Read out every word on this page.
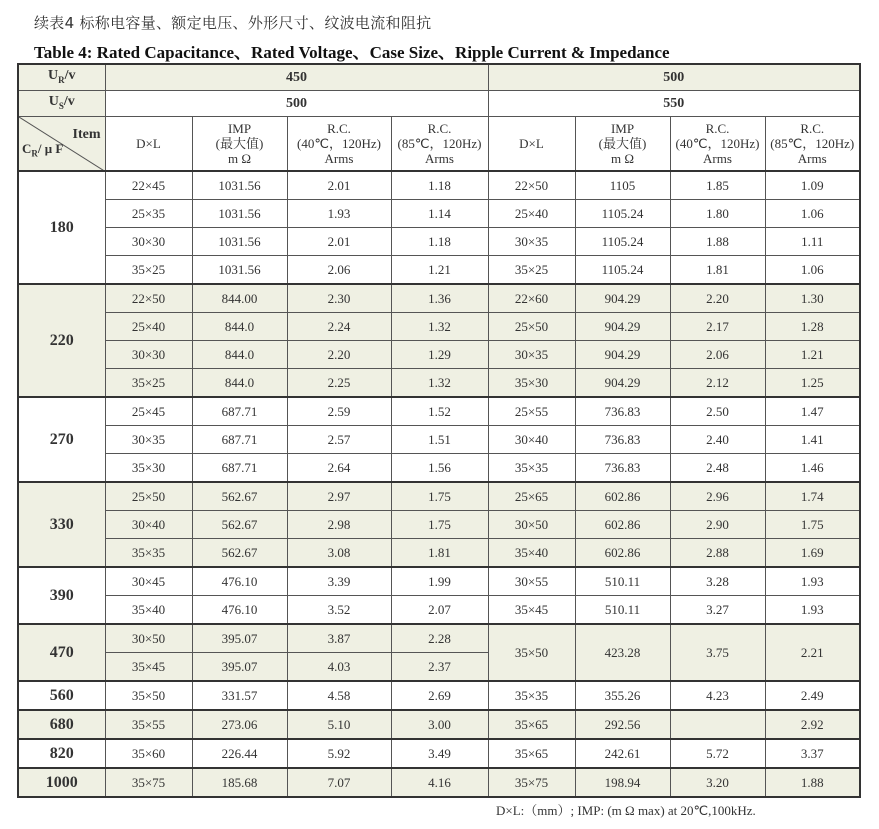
续表4 标称电容量、额定电压、外形尺寸、纹波电流和阻抗
Table 4: Rated Capacitance、Rated Voltage、Case Size、Ripple Current & Impedance
$U_R/v$	450				500			
$U_S/v$	500				550			

Item
$C_R/$ μ F	D×L	IMP
(最大值)
m Ω	R.C.
(40℃，120Hz)
Arms	R.C.
(85℃，120Hz)
Arms	D×L	IMP
(最大值)
m Ω	R.C.
(40℃，120Hz)
Arms	R.C.
(85℃，120Hz)
Arms
180	22×45	1031.56	2.01	1.18	22×50	1105	1.85	1.09
	25×35	1031.56	1.93	1.14	25×40	1105.24	1.80	1.06
	30×30	1031.56	2.01	1.18	30×35	1105.24	1.88	1.11
	35×25	1031.56	2.06	1.21	35×25	1105.24	1.81	1.06
220	22×50	844.00	2.30	1.36	22×60	904.29	2.20	1.30
	25×40	844.0	2.24	1.32	25×50	904.29	2.17	1.28
	30×30	844.0	2.20	1.29	30×35	904.29	2.06	1.21
	35×25	844.0	2.25	1.32	35×30	904.29	2.12	1.25
270	25×45	687.71	2.59	1.52	25×55	736.83	2.50	1.47
	30×35	687.71	2.57	1.51	30×40	736.83	2.40	1.41
	35×30	687.71	2.64	1.56	35×35	736.83	2.48	1.46
330	25×50	562.67	2.97	1.75	25×65	602.86	2.96	1.74
	30×40	562.67	2.98	1.75	30×50	602.86	2.90	1.75
	35×35	562.67	3.08	1.81	35×40	602.86	2.88	1.69
390	30×45	476.10	3.39	1.99	30×55	510.11	3.28	1.93
	35×40	476.10	3.52	2.07	35×45	510.11	3.27	1.93
470	30×50	395.07	3.87	2.28	35×50	423.28	3.75	2.21
	35×45	395.07	4.03	2.37				
560	35×50	331.57	4.58	2.69	35×35	355.26	4.23	2.49
680	35×55	273.06	5.10	3.00	35×65	292.56		2.92
820	35×60	226.44	5.92	3.49	35×65	242.61	5.72	3.37
1000	35×75	185.68	7.07	4.16	35×75	198.94	3.20	1.88
D×L:（mm）; IMP: (m Ω max) at 20℃,100kHz.
